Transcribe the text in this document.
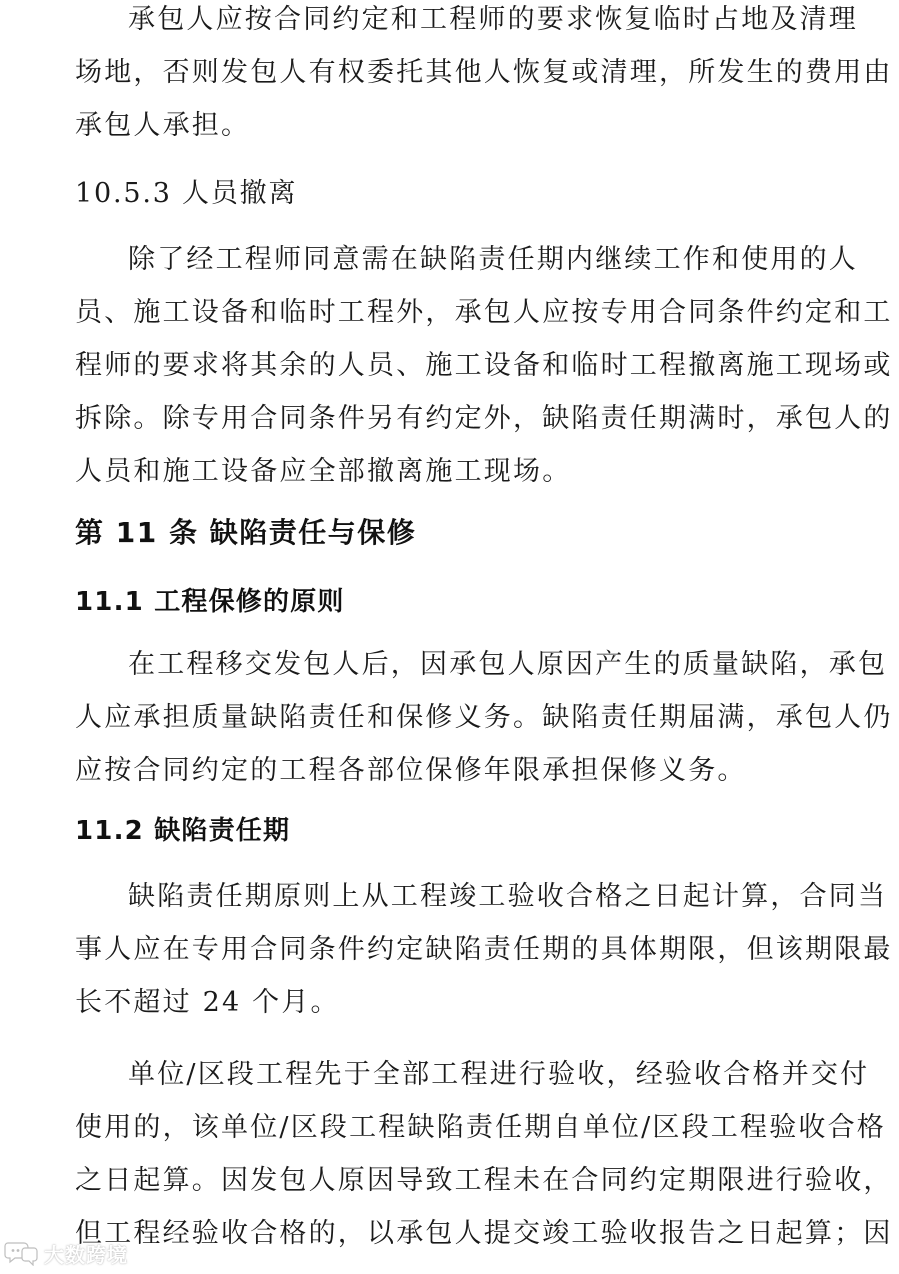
承包人应按合同约定和工程师的要求恢复临时占地及清理
场地，否则发包人有权委托其他人恢复或清理，所发生的费用由
承包人承担。
10.5.3 人员撤离
除了经工程师同意需在缺陷责任期内继续工作和使用的人
员、施工设备和临时工程外，承包人应按专用合同条件约定和工
程师的要求将其余的人员、施工设备和临时工程撤离施工现场或
拆除。除专用合同条件另有约定外，缺陷责任期满时，承包人的
人员和施工设备应全部撤离施工现场。
第 11 条 缺陷责任与保修
11.1 工程保修的原则
在工程移交发包人后，因承包人原因产生的质量缺陷，承包
人应承担质量缺陷责任和保修义务。缺陷责任期届满，承包人仍
应按合同约定的工程各部位保修年限承担保修义务。
11.2 缺陷责任期
缺陷责任期原则上从工程竣工验收合格之日起计算，合同当
事人应在专用合同条件约定缺陷责任期的具体期限，但该期限最
长不超过 24 个月。
单位/区段工程先于全部工程进行验收，经验收合格并交付
使用的，该单位/区段工程缺陷责任期自单位/区段工程验收合格
之日起算。因发包人原因导致工程未在合同约定期限进行验收，
但工程经验收合格的，以承包人提交竣工验收报告之日起算；因
大数跨境
